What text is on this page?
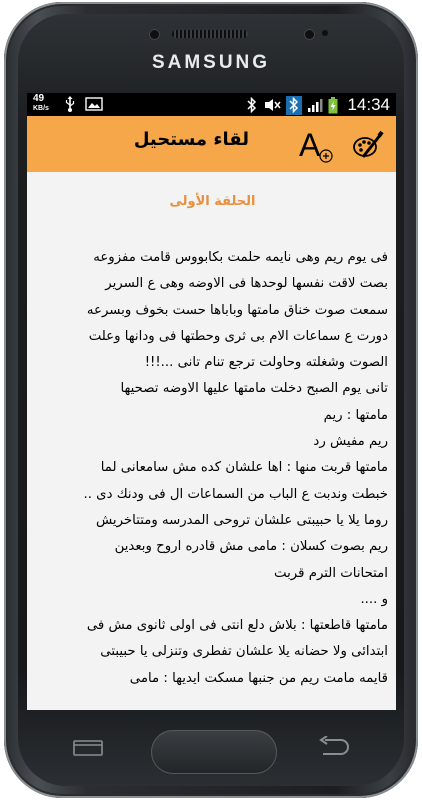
SAMSUNG
49
KB/s	14:34
A
لقاء مستحيل
الحلقة الأولى

فى يوم ريم وهى نايمه حلمت بكابووس قامت مفزوعه

بصت لاقت نفسها لوحدها فى الاوضه وهى ع السرير

سمعت صوت خناق مامتها وباباها حست بخوف وبسرعه

دورت ع سماعات الام بى ثرى وحطتها فى ودانها وعلت

الصوت وشغلته وحاولت ترجع تنام تانى ...!!!

تانى يوم الصبح دخلت مامتها عليها الاوضه تصحيها

مامتها : ريم

ريم مفيش رد

مامتها قربت منها : اها علشان كده مش سامعانى لما

خبطت وندبت ع الباب من السماعات ال فى ودنك دى ..

روما يلا يا حبيبتى علشان تروحى المدرسه ومتتاخريش

ريم بصوت كسلان : مامى مش قادره اروح وبعدين

امتحانات الترم قربت

و ....

مامتها قاطعتها : بلاش دلع انتى فى اولى ثانوى مش فى

ابتدائى ولا حضانه يلا علشان تفطرى وتنزلى يا حبيبتى

قايمه مامت ريم من جنبها مسكت ايديها : مامى
